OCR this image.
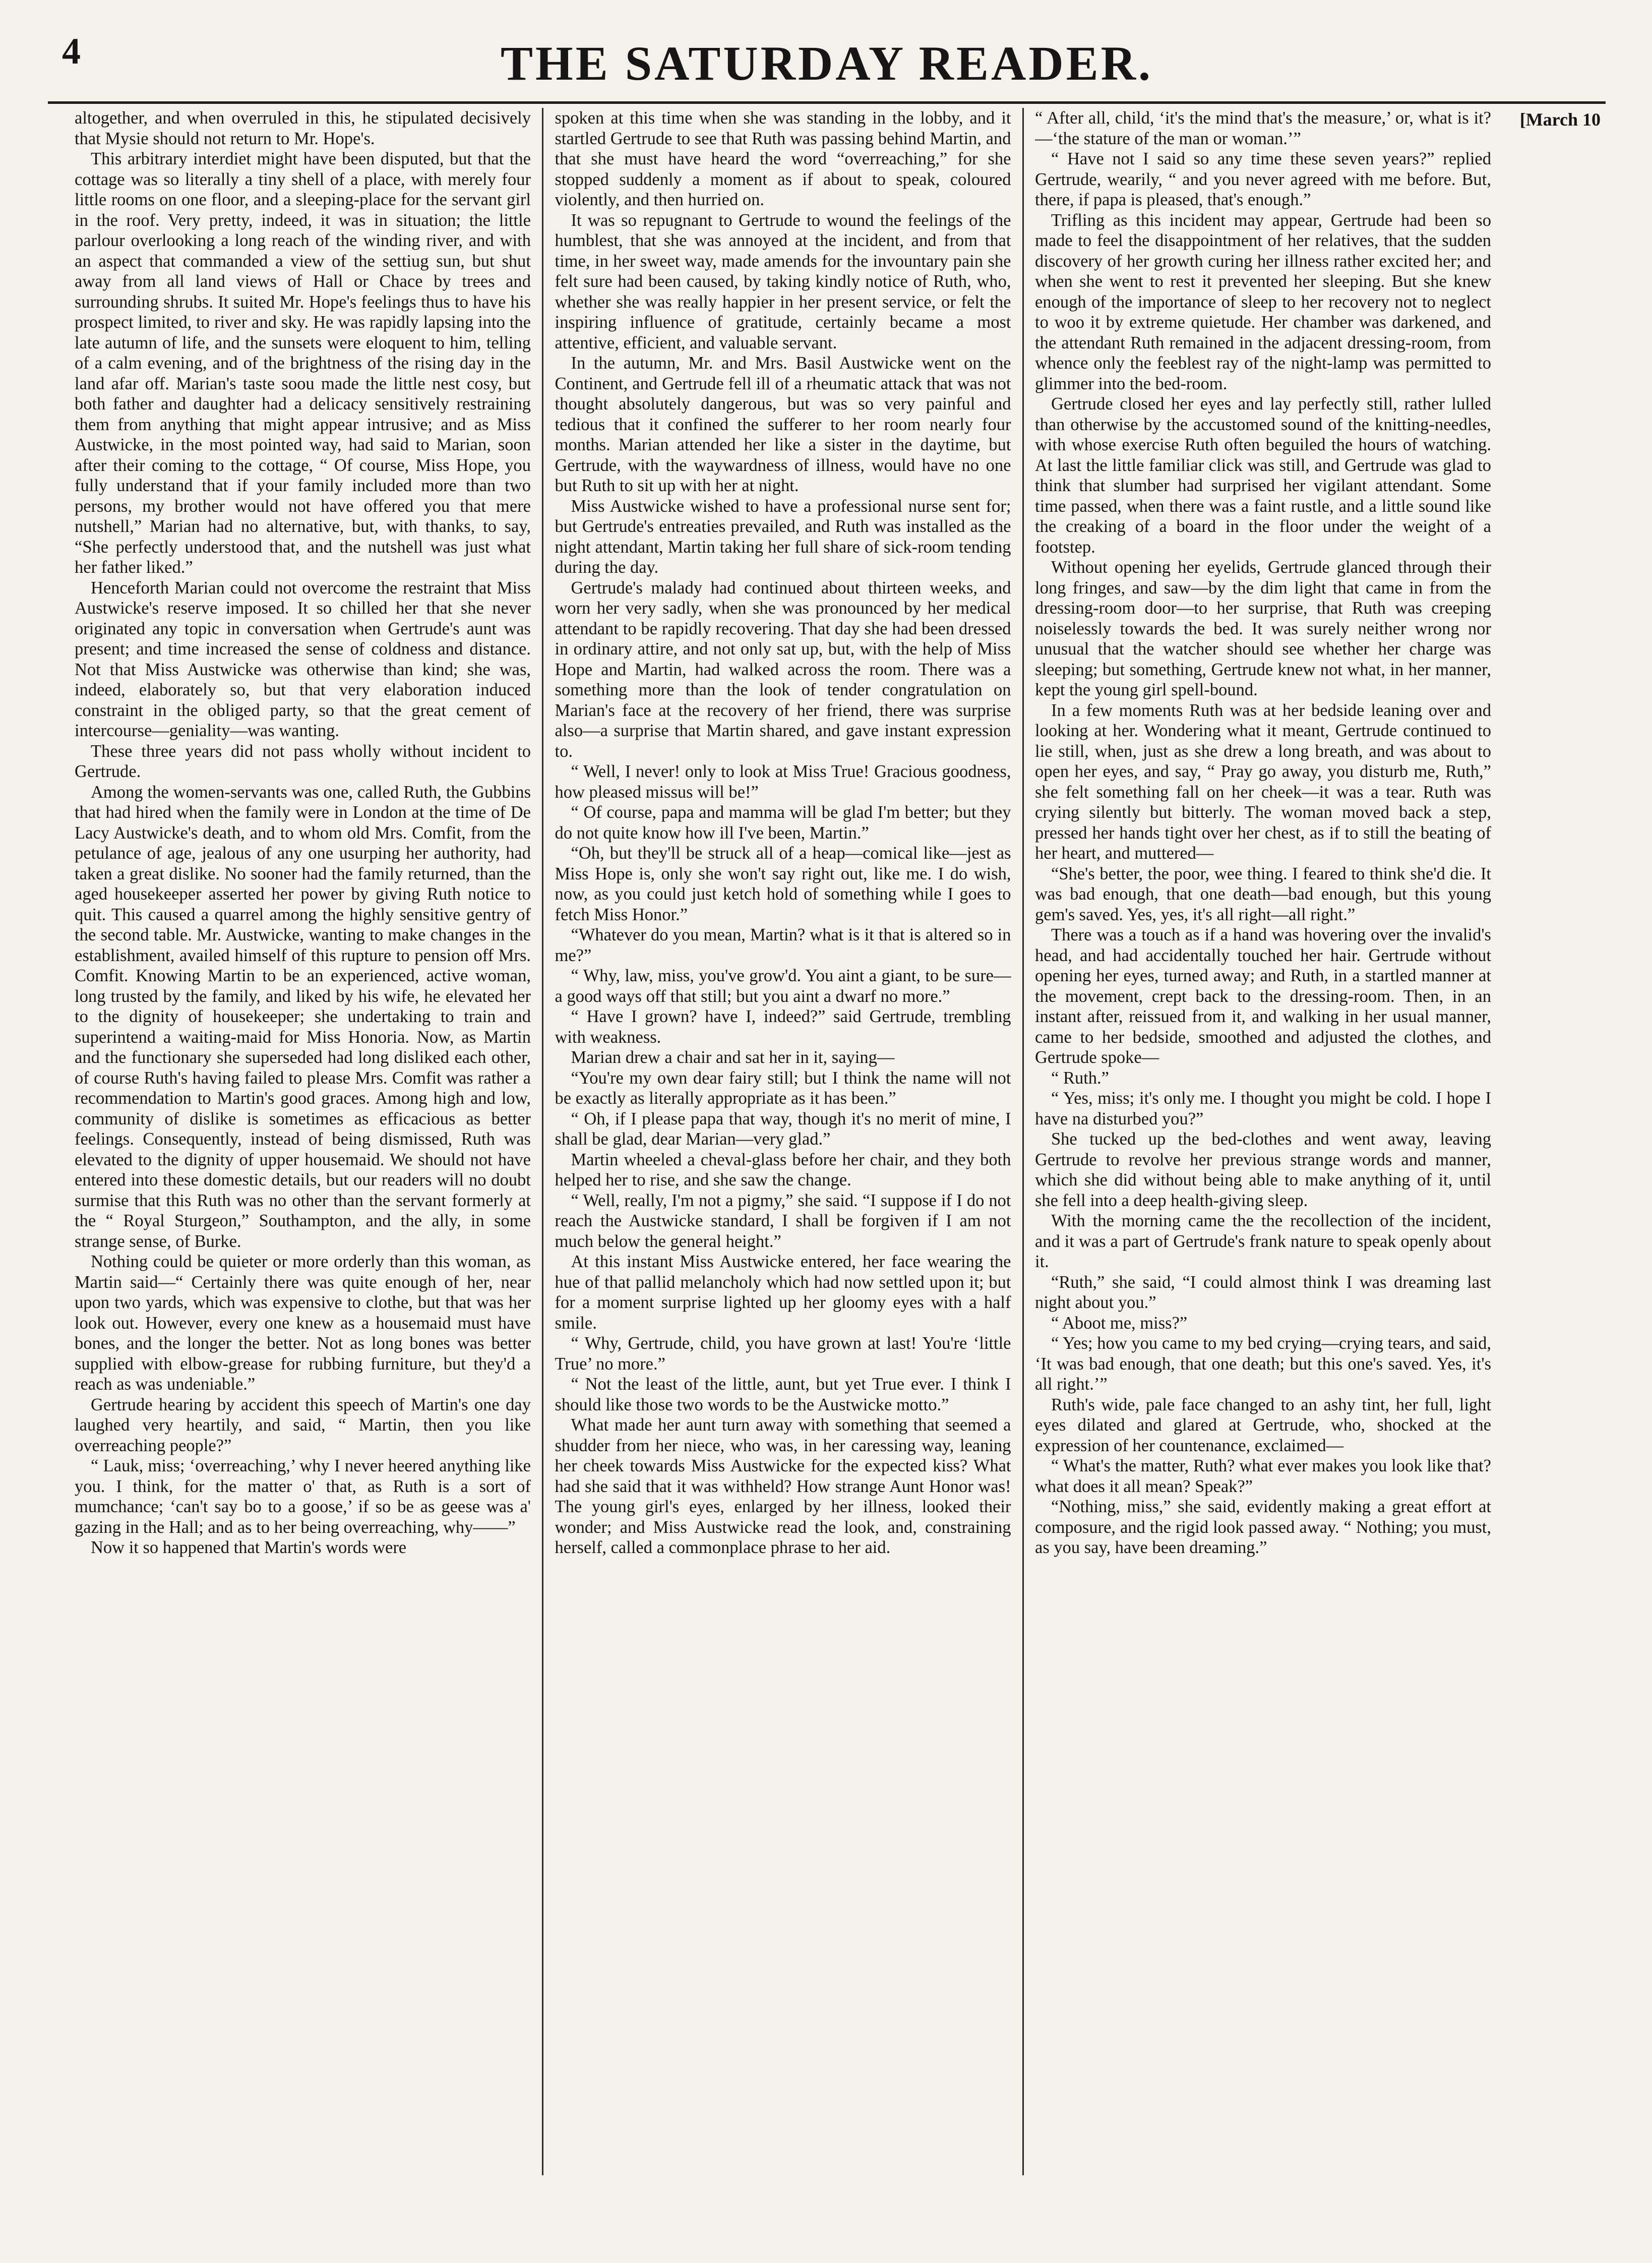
4	THE SATURDAY READER.
[March 10

altogether, and when overruled in this, he stipulated decisively that Mysie should not return to Mr. Hope's.

This arbitrary interdiet might have been disputed, but that the cottage was so literally a tiny shell of a place, with merely four little rooms on one floor, and a sleeping-place for the servant girl in the roof. Very pretty, indeed, it was in situation; the little parlour overlooking a long reach of the winding river, and with an aspect that commanded a view of the settiug sun, but shut away from all land views of Hall or Chace by trees and surrounding shrubs. It suited Mr. Hope's feelings thus to have his prospect limited, to river and sky. He was rapidly lapsing into the late autumn of life, and the sunsets were eloquent to him, telling of a calm evening, and of the brightness of the rising day in the land afar off. Marian's taste soou made the little nest cosy, but both father and daughter had a delicacy sensitively restraining them from anything that might appear intrusive; and as Miss Austwicke, in the most pointed way, had said to Marian, soon after their coming to the cottage, “ Of course, Miss Hope, you fully understand that if your family included more than two persons, my brother would not have offered you that mere nutshell,” Marian had no alternative, but, with thanks, to say, “She perfectly understood that, and the nutshell was just what her father liked.”

Henceforth Marian could not overcome the restraint that Miss Austwicke's reserve imposed. It so chilled her that she never originated any topic in conversation when Gertrude's aunt was present; and time increased the sense of coldness and distance. Not that Miss Austwicke was otherwise than kind; she was, indeed, elaborately so, but that very elaboration induced constraint in the obliged party, so that the great cement of intercourse—geniality—was wanting.

These three years did not pass wholly without incident to Gertrude.

Among the women-servants was one, called Ruth, the Gubbins that had hired when the family were in London at the time of De Lacy Austwicke's death, and to whom old Mrs. Comfit, from the petulance of age, jealous of any one usurping her authority, had taken a great dislike. No sooner had the family returned, than the aged housekeeper asserted her power by giving Ruth notice to quit. This caused a quarrel among the highly sensitive gentry of the second table. Mr. Austwicke, wanting to make changes in the establishment, availed himself of this rupture to pension off Mrs. Comfit. Knowing Martin to be an experienced, active woman, long trusted by the family, and liked by his wife, he elevated her to the dignity of housekeeper; she undertaking to train and superintend a waiting-maid for Miss Honoria. Now, as Martin and the functionary she superseded had long disliked each other, of course Ruth's having failed to please Mrs. Comfit was rather a recommendation to Martin's good graces. Among high and low, community of dislike is sometimes as efficacious as better feelings. Consequently, instead of being dismissed, Ruth was elevated to the dignity of upper housemaid. We should not have entered into these domestic details, but our readers will no doubt surmise that this Ruth was no other than the servant formerly at the “ Royal Sturgeon,” Southampton, and the ally, in some strange sense, of Burke.

Nothing could be quieter or more orderly than this woman, as Martin said—“ Certainly there was quite enough of her, near upon two yards, which was expensive to clothe, but that was her look out. However, every one knew as a housemaid must have bones, and the longer the better. Not as long bones was better supplied with elbow-grease for rubbing furniture, but they'd a reach as was undeniable.”

Gertrude hearing by accident this speech of Martin's one day laughed very heartily, and said, “ Martin, then you like overreaching people?”

“ Lauk, miss; ‘overreaching,’ why I never heered anything like you. I think, for the matter o' that, as Ruth is a sort of mumchance; ‘can't say bo to a goose,’ if so be as geese was a' gazing in the Hall; and as to her being overreaching, why——”

Now it so happened that Martin's words were

spoken at this time when she was standing in the lobby, and it startled Gertrude to see that Ruth was passing behind Martin, and that she must have heard the word “overreaching,” for she stopped suddenly a moment as if about to speak, coloured violently, and then hurried on.

It was so repugnant to Gertrude to wound the feelings of the humblest, that she was annoyed at the incident, and from that time, in her sweet way, made amends for the invountary pain she felt sure had been caused, by taking kindly notice of Ruth, who, whether she was really happier in her present service, or felt the inspiring influence of gratitude, certainly became a most attentive, efficient, and valuable servant.

In the autumn, Mr. and Mrs. Basil Austwicke went on the Continent, and Gertrude fell ill of a rheumatic attack that was not thought absolutely dangerous, but was so very painful and tedious that it confined the sufferer to her room nearly four months. Marian attended her like a sister in the daytime, but Gertrude, with the waywardness of illness, would have no one but Ruth to sit up with her at night.

Miss Austwicke wished to have a professional nurse sent for; but Gertrude's entreaties prevailed, and Ruth was installed as the night attendant, Martin taking her full share of sick-room tending during the day.

Gertrude's malady had continued about thirteen weeks, and worn her very sadly, when she was pronounced by her medical attendant to be rapidly recovering. That day she had been dressed in ordinary attire, and not only sat up, but, with the help of Miss Hope and Martin, had walked across the room. There was a something more than the look of tender congratulation on Marian's face at the recovery of her friend, there was surprise also—a surprise that Martin shared, and gave instant expression to.

“ Well, I never! only to look at Miss True! Gracious goodness, how pleased missus will be!”

“ Of course, papa and mamma will be glad I'm better; but they do not quite know how ill I've been, Martin.”

“Oh, but they'll be struck all of a heap—comical like—jest as Miss Hope is, only she won't say right out, like me. I do wish, now, as you could just ketch hold of something while I goes to fetch Miss Honor.”

“Whatever do you mean, Martin? what is it that is altered so in me?”

“ Why, law, miss, you've grow'd. You aint a giant, to be sure—a good ways off that still; but you aint a dwarf no more.”

“ Have I grown? have I, indeed?” said Gertrude, trembling with weakness.

Marian drew a chair and sat her in it, saying—

“You're my own dear fairy still; but I think the name will not be exactly as literally appropriate as it has been.”

“ Oh, if I please papa that way, though it's no merit of mine, I shall be glad, dear Marian—very glad.”

Martin wheeled a cheval-glass before her chair, and they both helped her to rise, and she saw the change.

“ Well, really, I'm not a pigmy,” she said. “I suppose if I do not reach the Austwicke standard, I shall be forgiven if I am not much below the general height.”

At this instant Miss Austwicke entered, her face wearing the hue of that pallid melancholy which had now settled upon it; but for a moment surprise lighted up her gloomy eyes with a half smile.

“ Why, Gertrude, child, you have grown at last! You're ‘little True’ no more.”

“ Not the least of the little, aunt, but yet True ever. I think I should like those two words to be the Austwicke motto.”

What made her aunt turn away with something that seemed a shudder from her niece, who was, in her caressing way, leaning her cheek towards Miss Austwicke for the expected kiss? What had she said that it was withheld? How strange Aunt Honor was! The young girl's eyes, enlarged by her illness, looked their wonder; and Miss Austwicke read the look, and, constraining herself, called a commonplace phrase to her aid.

“ After all, child, ‘it's the mind that's the measure,’ or, what is it?—‘the stature of the man or woman.’”

“ Have not I said so any time these seven years?” replied Gertrude, wearily, “ and you never agreed with me before. But, there, if papa is pleased, that's enough.”

Trifling as this incident may appear, Gertrude had been so made to feel the disappointment of her relatives, that the sudden discovery of her growth curing her illness rather excited her; and when she went to rest it prevented her sleeping. But she knew enough of the importance of sleep to her recovery not to neglect to woo it by extreme quietude. Her chamber was darkened, and the attendant Ruth remained in the adjacent dressing-room, from whence only the feeblest ray of the night-lamp was permitted to glimmer into the bed-room.

Gertrude closed her eyes and lay perfectly still, rather lulled than otherwise by the accustomed sound of the knitting-needles, with whose exercise Ruth often beguiled the hours of watching. At last the little familiar click was still, and Gertrude was glad to think that slumber had surprised her vigilant attendant. Some time passed, when there was a faint rustle, and a little sound like the creaking of a board in the floor under the weight of a footstep.

Without opening her eyelids, Gertrude glanced through their long fringes, and saw—by the dim light that came in from the dressing-room door—to her surprise, that Ruth was creeping noiselessly towards the bed. It was surely neither wrong nor unusual that the watcher should see whether her charge was sleeping; but something, Gertrude knew not what, in her manner, kept the young girl spell-bound.

In a few moments Ruth was at her bedside leaning over and looking at her. Wondering what it meant, Gertrude continued to lie still, when, just as she drew a long breath, and was about to open her eyes, and say, “ Pray go away, you disturb me, Ruth,” she felt something fall on her cheek—it was a tear. Ruth was crying silently but bitterly. The woman moved back a step, pressed her hands tight over her chest, as if to still the beating of her heart, and muttered—

“She's better, the poor, wee thing. I feared to think she'd die. It was bad enough, that one death—bad enough, but this young gem's saved. Yes, yes, it's all right—all right.”

There was a touch as if a hand was hovering over the invalid's head, and had accidentally touched her hair. Gertrude without opening her eyes, turned away; and Ruth, in a startled manner at the movement, crept back to the dressing-room. Then, in an instant after, reissued from it, and walking in her usual manner, came to her bedside, smoothed and adjusted the clothes, and Gertrude spoke—

“ Ruth.”

“ Yes, miss; it's only me. I thought you might be cold. I hope I have na disturbed you?”

She tucked up the bed-clothes and went away, leaving Gertrude to revolve her previous strange words and manner, which she did without being able to make anything of it, until she fell into a deep health-giving sleep.

With the morning came the the recollection of the incident, and it was a part of Gertrude's frank nature to speak openly about it.

“Ruth,” she said, “I could almost think I was dreaming last night about you.”

“ Aboot me, miss?”

“ Yes; how you came to my bed crying—crying tears, and said, ‘It was bad enough, that one death; but this one's saved. Yes, it's all right.’”

Ruth's wide, pale face changed to an ashy tint, her full, light eyes dilated and glared at Gertrude, who, shocked at the expression of her countenance, exclaimed—

“ What's the matter, Ruth? what ever makes you look like that? what does it all mean? Speak?”

“Nothing, miss,” she said, evidently making a great effort at composure, and the rigid look passed away. “ Nothing; you must, as you say, have been dreaming.”
